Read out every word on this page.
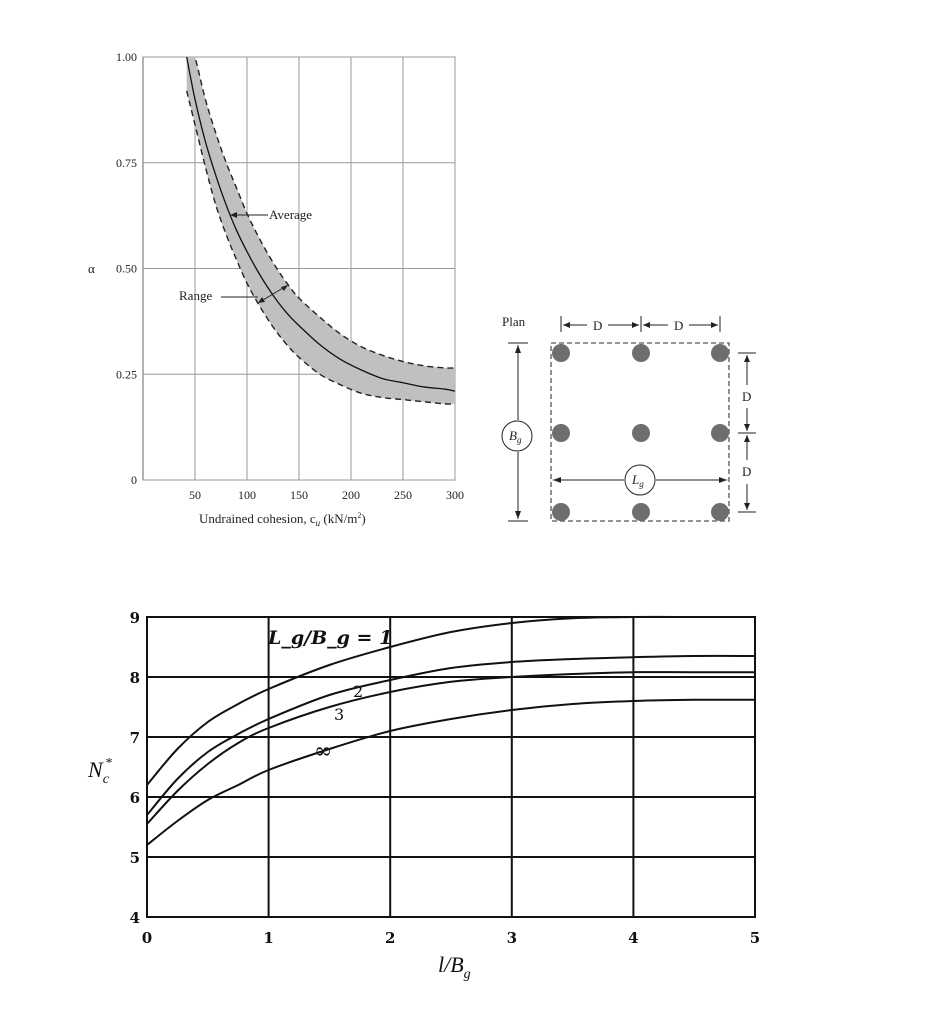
50	100	150	200	250	300
1.00
0.75
0.50
0.25
0
α
Undrained cohesion, $c_u$ $(kN/m^2)$
Average
Range
Plan	D	D
D
D
$B_g$
$L_g$
0	1	2	3	4	5
9
8
7
6
5
4
$N_c*$
$l/B_g$
L_g/B_g = 1
2
3
∞
